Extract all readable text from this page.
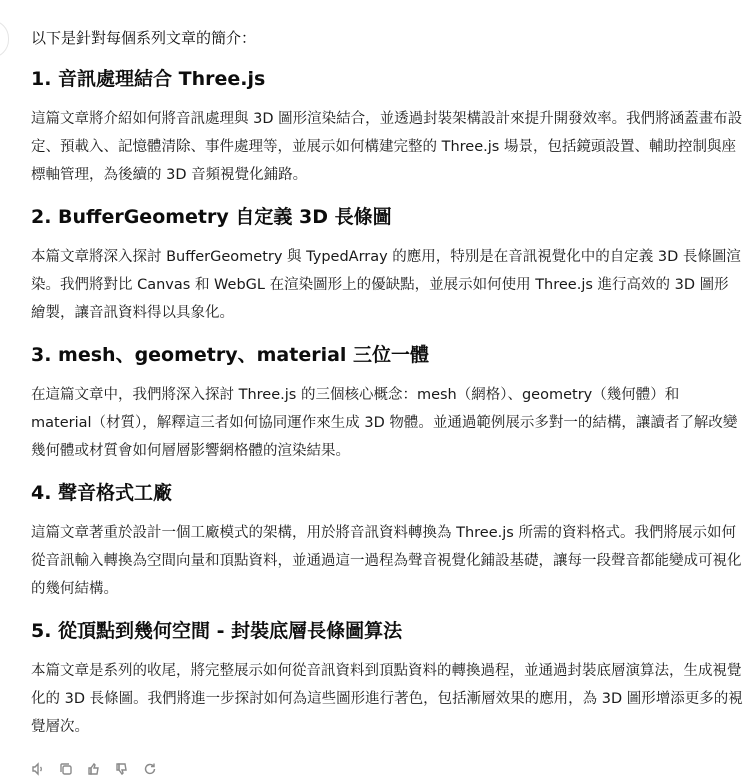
以下是針對每個系列文章的簡介：

1. 音訊處理結合 Three.js

這篇文章將介紹如何將音訊處理與 3D 圖形渲染結合，並透過封裝架構設計來提升開發效率。我們將涵蓋畫布設定、預載入、記憶體清除、事件處理等，並展示如何構建完整的 Three.js 場景，包括鏡頭設置、輔助控制與座標軸管理，為後續的 3D 音頻視覺化鋪路。

2. BufferGeometry 自定義 3D 長條圖

本篇文章將深入探討 BufferGeometry 與 TypedArray 的應用，特別是在音訊視覺化中的自定義 3D 長條圖渲染。我們將對比 Canvas 和 WebGL 在渲染圖形上的優缺點，並展示如何使用 Three.js 進行高效的 3D 圖形繪製，讓音訊資料得以具象化。

3. mesh、geometry、material 三位一體

在這篇文章中，我們將深入探討 Three.js 的三個核心概念：mesh（網格）、geometry（幾何體）和 material（材質），解釋這三者如何協同運作來生成 3D 物體。並通過範例展示多對一的結構，讓讀者了解改變幾何體或材質會如何層層影響網格體的渲染結果。

4. 聲音格式工廠

這篇文章著重於設計一個工廠模式的架構，用於將音訊資料轉換為 Three.js 所需的資料格式。我們將展示如何從音訊輸入轉換為空間向量和頂點資料，並通過這一過程為聲音視覺化鋪設基礎，讓每一段聲音都能變成可視化的幾何結構。

5. 從頂點到幾何空間 - 封裝底層長條圖算法

本篇文章是系列的收尾，將完整展示如何從音訊資料到頂點資料的轉換過程，並通過封裝底層演算法，生成視覺化的 3D 長條圖。我們將進一步探討如何為這些圖形進行著色，包括漸層效果的應用，為 3D 圖形增添更多的視覺層次。
